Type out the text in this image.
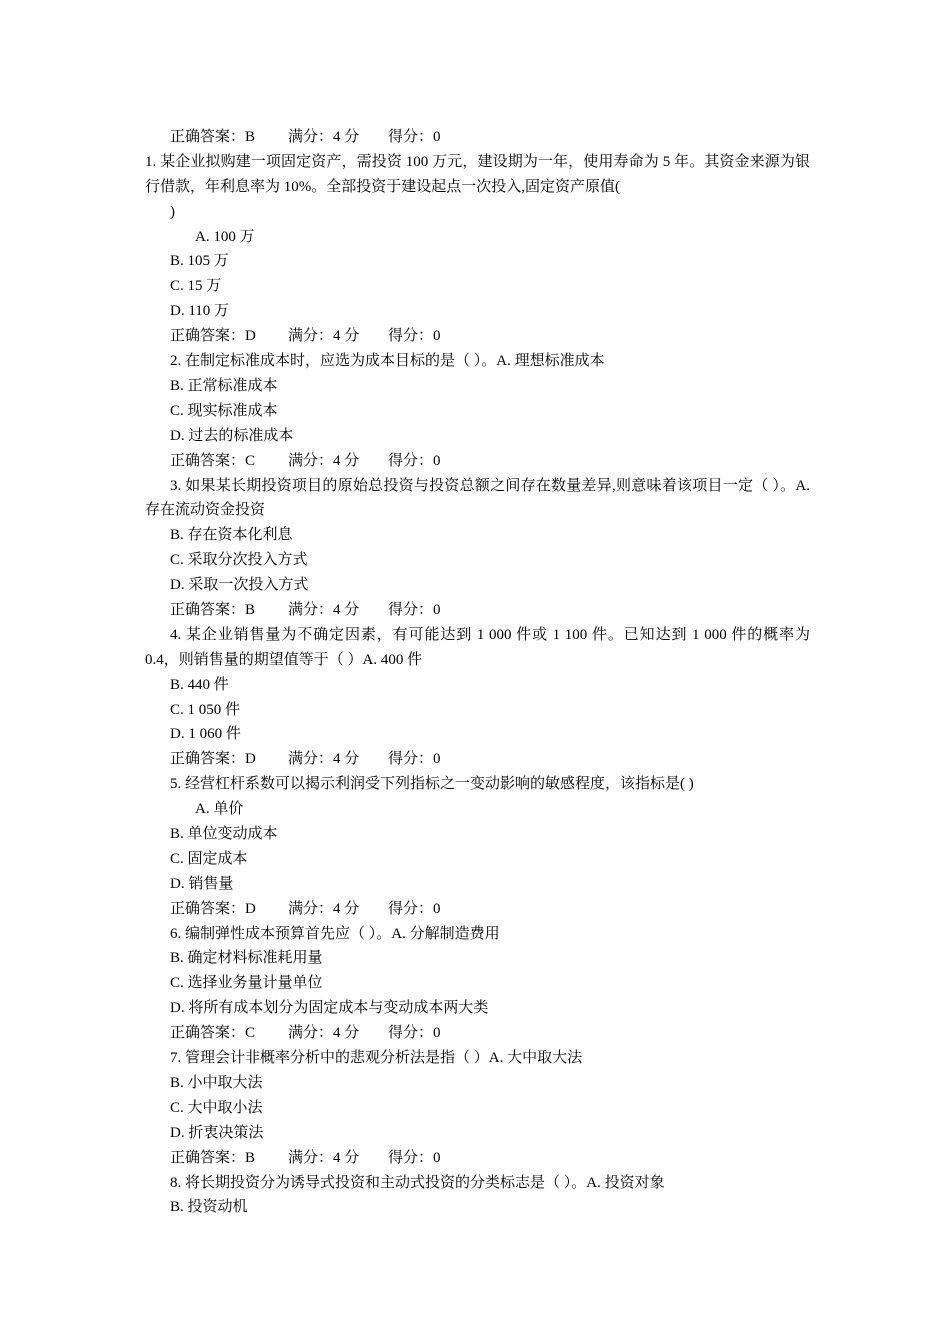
正确答案：B 满分：4 分 得分：0
1. 某企业拟购建一项固定资产，需投资 100 万元，建设期为一年，使用寿命为 5 年。其资金来源为银行借款，年利息率为 10%。全部投资于建设起点一次投入,固定资产原值(
)
A. 100 万
B. 105 万
C. 15 万
D. 110 万
正确答案：D 满分：4 分 得分：0
2. 在制定标准成本时，应选为成本目标的是（ ）。A. 理想标准成本
B. 正常标准成本
C. 现实标准成本
D. 过去的标准成本
正确答案：C 满分：4 分 得分：0
3. 如果某长期投资项目的原始总投资与投资总额之间存在数量差异,则意味着该项目一定（ ）。A. 存在流动资金投资
B. 存在资本化利息
C. 采取分次投入方式
D. 采取一次投入方式
正确答案：B 满分：4 分 得分：0
4. 某企业销售量为不确定因素，有可能达到 1 000 件或 1 100 件。已知达到 1 000 件的概率为 0.4，则销售量的期望值等于（ ）A. 400 件
B. 440 件
C. 1 050 件
D. 1 060 件
正确答案：D 满分：4 分 得分：0
5. 经营杠杆系数可以揭示利润受下列指标之一变动影响的敏感程度，该指标是( )
A. 单价
B. 单位变动成本
C. 固定成本
D. 销售量
正确答案：D 满分：4 分 得分：0
6. 编制弹性成本预算首先应（ ）。A. 分解制造费用
B. 确定材料标准耗用量
C. 选择业务量计量单位
D. 将所有成本划分为固定成本与变动成本两大类
正确答案：C 满分：4 分 得分：0
7. 管理会计非概率分析中的悲观分析法是指（ ）A. 大中取大法
B. 小中取大法
C. 大中取小法
D. 折衷决策法
正确答案：B 满分：4 分 得分：0
8. 将长期投资分为诱导式投资和主动式投资的分类标志是（ ）。A. 投资对象
B. 投资动机
